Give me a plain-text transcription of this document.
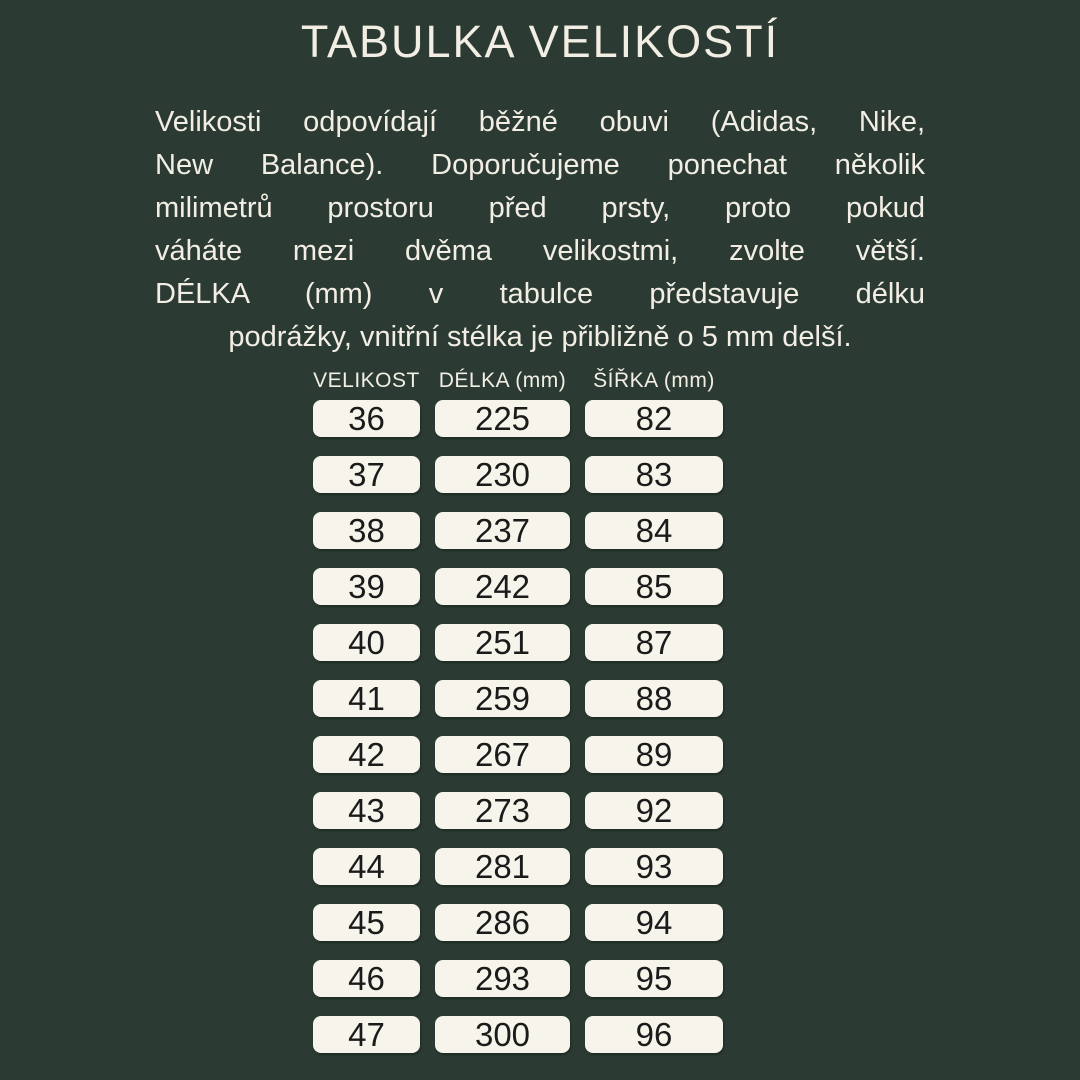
TABULKA VELIKOSTÍ
Velikosti odpovídají běžné obuvi (Adidas, Nike,
New Balance). Doporučujeme ponechat několik
milimetrů prostoru před prsty, proto pokud
váháte mezi dvěma velikostmi, zvolte větší.
DÉLKA (mm) v tabulce představuje délku
podrážky, vnitřní stélka je přibližně o 5 mm delší.
VELIKOST DÉLKA (mm)	ŠÍŘKA (mm)
36	225	82
37	230	83
38	237	84
39	242	85
40	251	87
41	259	88
42	267	89
43	273	92
44	281	93
45	286	94
46	293	95
47	300	96
